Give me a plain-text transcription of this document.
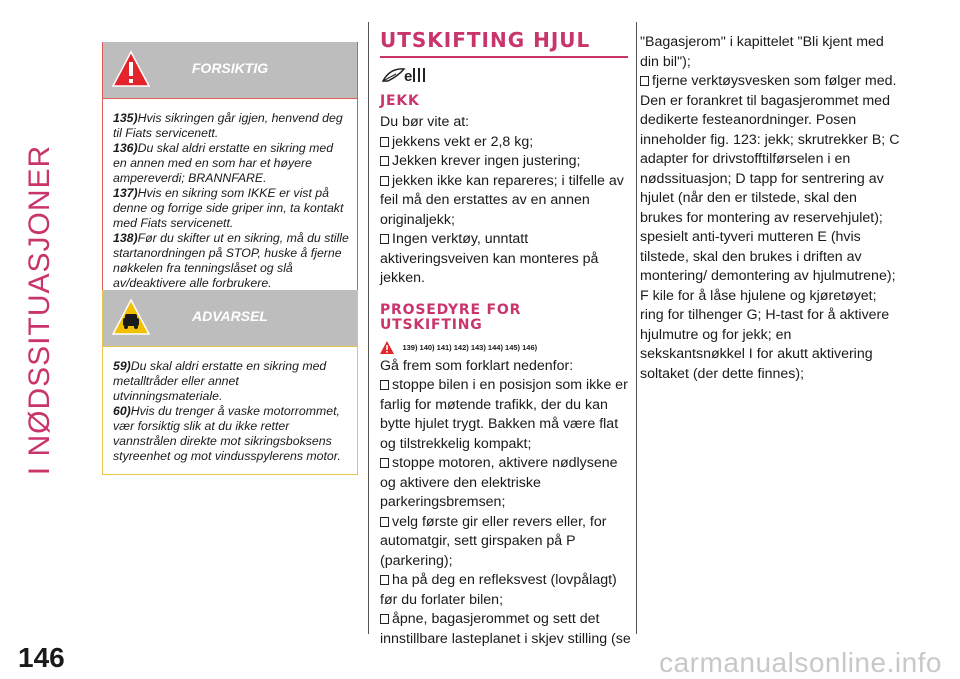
I NØDSSITUASJONER
FORSIKTIG

135)Hvis sikringen går igjen, henvend deg til Fiats servicenett.

136)Du skal aldri erstatte en sikring med en annen med en som har et høyere ampereverdi; BRANNFARE.

137)Hvis en sikring som IKKE er vist på denne og forrige side griper inn, ta kontakt med Fiats servicenett.

138)Før du skifter ut en sikring, må du stille startanordningen på STOP, huske å fjerne nøkkelen fra tenningslåset og slå av/deaktivere alle forbrukere.

ADVARSEL

59)Du skal aldri erstatte en sikring med metalltråder eller annet utvinningsmateriale.

60)Hvis du trenger å vaske motorrommet, vær forsiktig slik at du ikke retter vannstrålen direkte mot sikringsboksens styreenhet og mot vindusspylerens motor.

UTSKIFTING HJUL
e
JEKK
Du bør vite at:
jekkens vekt er 2,8 kg;
Jekken krever ingen justering;
jekken ikke kan repareres; i tilfelle av feil må den erstattes av en annen originaljekk;
Ingen verktøy, unntatt aktiveringsveiven kan monteres på jekken.
PROSEDYRE FOR
UTSKIFTING
139) 140) 141) 142) 143) 144) 145) 146)
Gå frem som forklart nedenfor:
stoppe bilen i en posisjon som ikke er farlig for møtende trafikk, der du kan bytte hjulet trygt. Bakken må være flat og tilstrekkelig kompakt;
stoppe motoren, aktivere nødlysene og aktivere den elektriske parkeringsbremsen;
velg første gir eller revers eller, for automatgir, sett girspaken på P (parkering);
ha på deg en refleksvest (lovpålagt) før du forlater bilen;
åpne, bagasjerommet og sett det innstillbare lasteplanet i skjev stilling (se
"Bagasjerom" i kapittelet "Bli kjent med din bil");
fjerne verktøysvesken som følger med. Den er forankret til bagasjerommet med dedikerte festeanordninger. Posen inneholder fig. 123: jekk; skrutrekker B; C adapter for drivstofftilførselen i en nødssituasjon; D tapp for sentrering av hjulet (når den er tilstede, skal den brukes for montering av reservehjulet); spesielt anti-tyveri mutteren E (hvis tilstede, skal den brukes i driften av montering/ demontering av hjulmutrene); F kile for å låse hjulene og kjøretøyet; ring for tilhenger G; H-tast for å aktivere hjulmutre og for jekk; en sekskantsnøkkel I for akutt aktivering soltaket (der dette finnes);
146	carmanualsonline.info
